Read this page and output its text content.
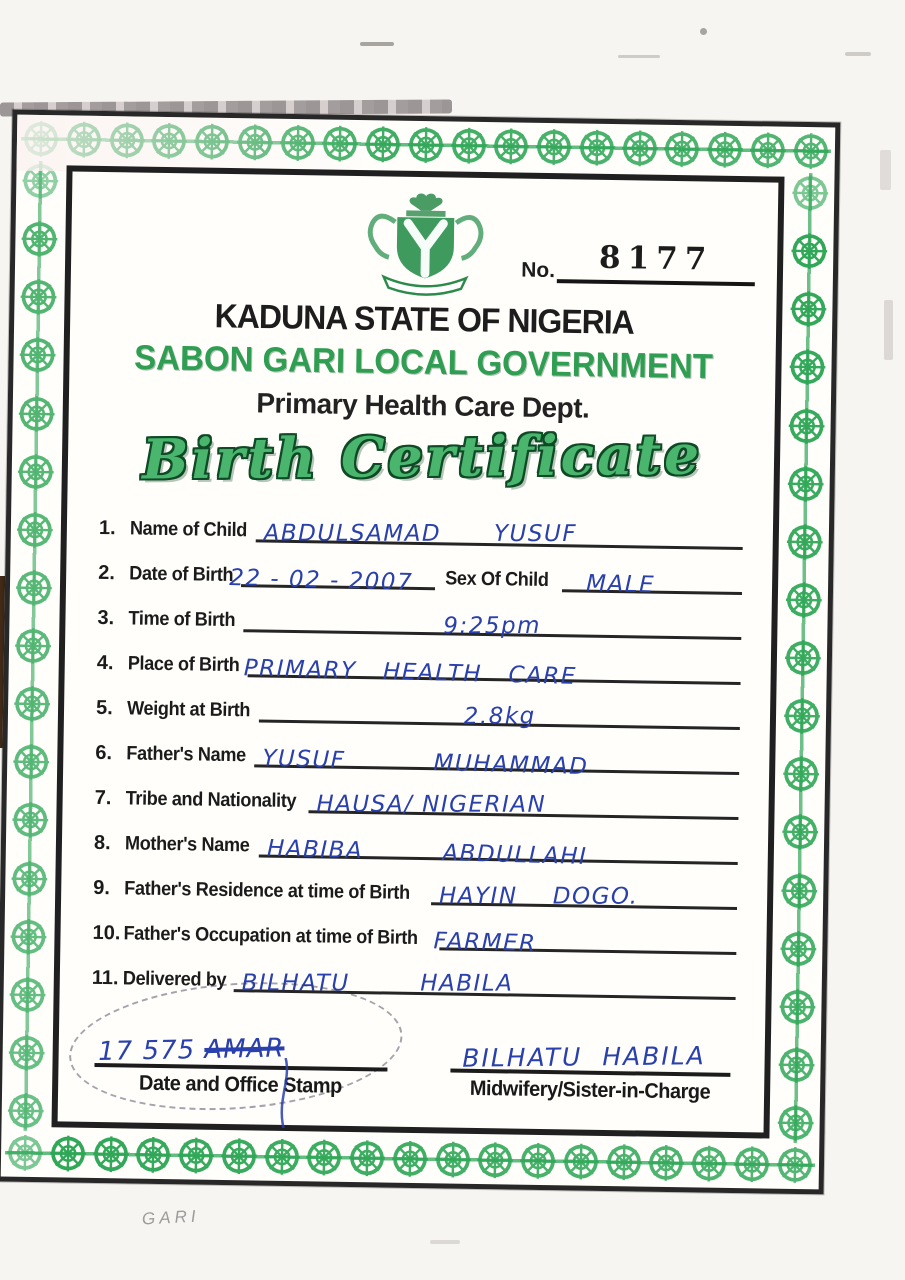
GARI
No. 8177
KADUNA STATE OF NIGERIA
SABON GARI LOCAL GOVERNMENT
Primary Health Care Dept.
Birth Certificate
1. Name of Child ABDULSAMAD      YUSUF
2. Date of Birth
22 - 02 - 2007 Sex Of Child MALE
3. Time of Birth	9:25pm
4. Place of Birth PRIMARY   HEALTH   CARE
5. Weight at Birth	2.8kg
6. Father's Name YUSUF          MUHAMMAD
7. Tribe and Nationality HAUSA/ NIGERIAN
8. Mother's Name HABIBA         ABDULLAHI
9. Father's Residence at time of Birth HAYIN    DOGO.
10. Father's Occupation at time of Birth FARMER
11. Delivered by BILHATU        HABILA
17 575 AMAR
Date and Office Stamp
BILHATU  HABILA
Midwifery/Sister-in-Charge
